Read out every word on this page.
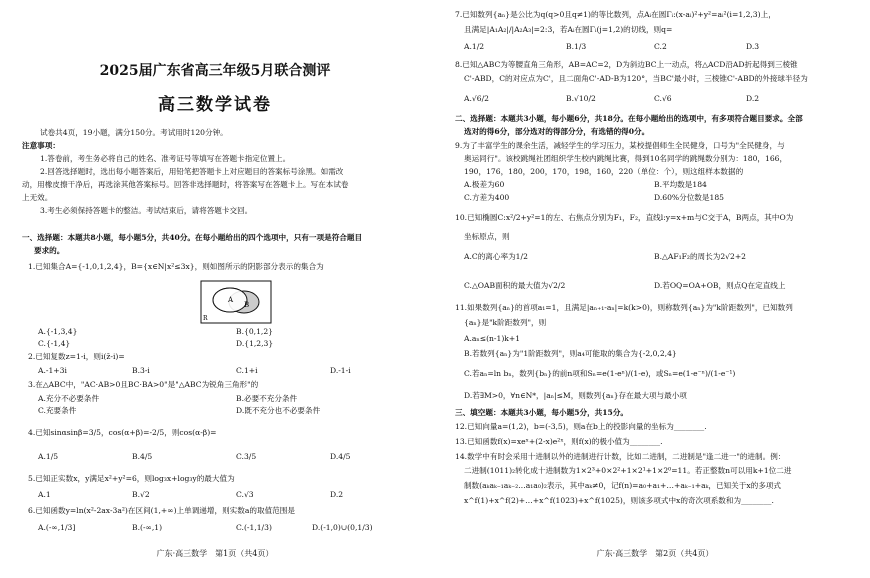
2025届广东省高三年级5月联合测评
高三数学试卷
试卷共4页，19小题，满分150分。考试用时120分钟。
注意事项：
1.答卷前，考生务必将自己的姓名、准考证号等填写在答题卡指定位置上。
2.回答选择题时，选出每小题答案后，用铅笔把答题卡上对应题目的答案标号涂黑。如需改
动，用橡皮擦干净后，再选涂其他答案标号。回答非选择题时，将答案写在答题卡上。写在本试卷
上无效。
3.考生必须保持答题卡的整洁。考试结束后，请将答题卡交回。
一、选择题：本题共8小题，每小题5分，共40分。在每小题给出的四个选项中，只有一项是符合题目
要求的。
1.已知集合A={-1,0,1,2,4}，B={x∈N|x²≤3x}，则如图所示的阴影部分表示的集合为
A
B
R
A.{-1,3,4}	B.{0,1,2}
C.{-1,4}	D.{1,2,3}
2.已知复数z=1-i，则i(z̄-i)=
A.-1+3i	B.3-i	C.1+i	D.-1-i
3.在△ABC中，"AC·AB>0且BC·BA>0"是"△ABC为锐角三角形"的
A.充分不必要条件	B.必要不充分条件
C.充要条件	D.既不充分也不必要条件
4.已知sinαsinβ=3/5，cos(α+β)=-2/5，则cos(α-β)=
A.1/5	B.4/5	C.3/5	D.4/5
5.已知正实数x，y满足x²+y²=6，则log₃x+log₃y的最大值为
A.1	B.√2	C.√3	D.2
6.已知函数y=ln(x²-2ax-3a²)在区间(1,+∞)上单调递增，则实数a的取值范围是
A.(-∞,1/3]	B.(-∞,1)	C.(-1,1/3)	D.(-1,0)∪(0,1/3)
广东·高三数学　第1页（共4页）
7.已知数列{aₙ}是公比为q(q>0且q≠1)的等比数列，点Aᵢ在圆Γᵢ:(x-aᵢ)²+y²=aᵢ²(i=1,2,3)上，
且满足|A₁A₂|/|A₂A₃|=2:3，若Aᵢ在圆Γᵢ(j=1,2)的切线，则q=
A.1/2	B.1/3	C.2	D.3
8.已知△ABC为等腰直角三角形，AB=AC=2，D为斜边BC上一动点，将△ACD沿AD折起得到三棱锥
C'-ABD，C的对应点为C'，且二面角C'-AD-B为120°，当BC'最小时，三棱锥C'-ABD的外接球半径为
A.√6/2	B.√10/2	C.√6	D.2
二、选择题：本题共3小题，每小题6分，共18分。在每小题给出的选项中，有多项符合题目要求。全部
选对的得6分，部分选对的得部分分，有选错的得0分。
9.为了丰富学生的课余生活，减轻学生的学习压力，某校提倡师生全民健身，口号为"全民健身，与
奥运同行"。该校跳绳社团组织学生校内跳绳比赛，得到10名同学的跳绳数分别为：180，166，
190，176，180，200，170，198，160，220（单位：个），则这组样本数据的
A.极差为60	B.平均数是184
C.方差为400	D.60%分位数是185
10.已知椭圆C:x²/2+y²=1的左、右焦点分别为F₁，F₂，直线l:y=x+m与C交于A，B两点，其中O为
坐标原点，则
A.C的离心率为1/2	B.△AF₁F₂的周长为2√2+2
C.△OAB面积的最大值为√2/2	D.若OQ=OA+OB，则点Q在定直线上
11.如果数列{aₙ}的首项a₁=1，且满足|aₙ₊₁-aₙ|=k(k>0)，则称数列{aₙ}为"k阶距数列"，已知数列
{aₙ}是"k阶距数列"，则
A.aₙ≤(n-1)k+1
B.若数列{aₙ}为"1阶距数列"，则a₄可能取的集合为{-2,0,2,4}
C.若aₙ=ln bₙ，数列{bₙ}的前n项和Sₙ=e(1-eⁿ)/(1-e)，或Sₙ=e(1-e⁻ⁿ)/(1-e⁻¹)
D.若∃M>0，∀n∈N*，|aₙ|≤M，则数列{aₙ}存在最大项与最小项
三、填空题：本题共3小题，每小题5分，共15分。
12.已知向量a=(1,2)，b=(-3,5)，则a在b上的投影向量的坐标为________.
13.已知函数f(x)=xeˣ+(2-x)e²ˣ，则f(x)的极小值为________.
14.数学中有时会采用十进制以外的进制进行计数，比如二进制，二进制是"逢二进一"的进制。例：
二进制(1011)₂转化成十进制数为1×2³+0×2²+1×2¹+1×2⁰=11。若正整数n可以用k+1位二进
制数(aₖaₖ₋₁aₖ₋₂…a₁a₀)₂表示，其中aₖ≠0，记f(n)=a₀+a₁+…+aₖ₋₁+aₖ，已知关于x的多项式
x^f(1)+x^f(2)+…+x^f(1023)+x^f(1025)，则该多项式中x的奇次项系数和为________.
广东·高三数学　第2页（共4页）
